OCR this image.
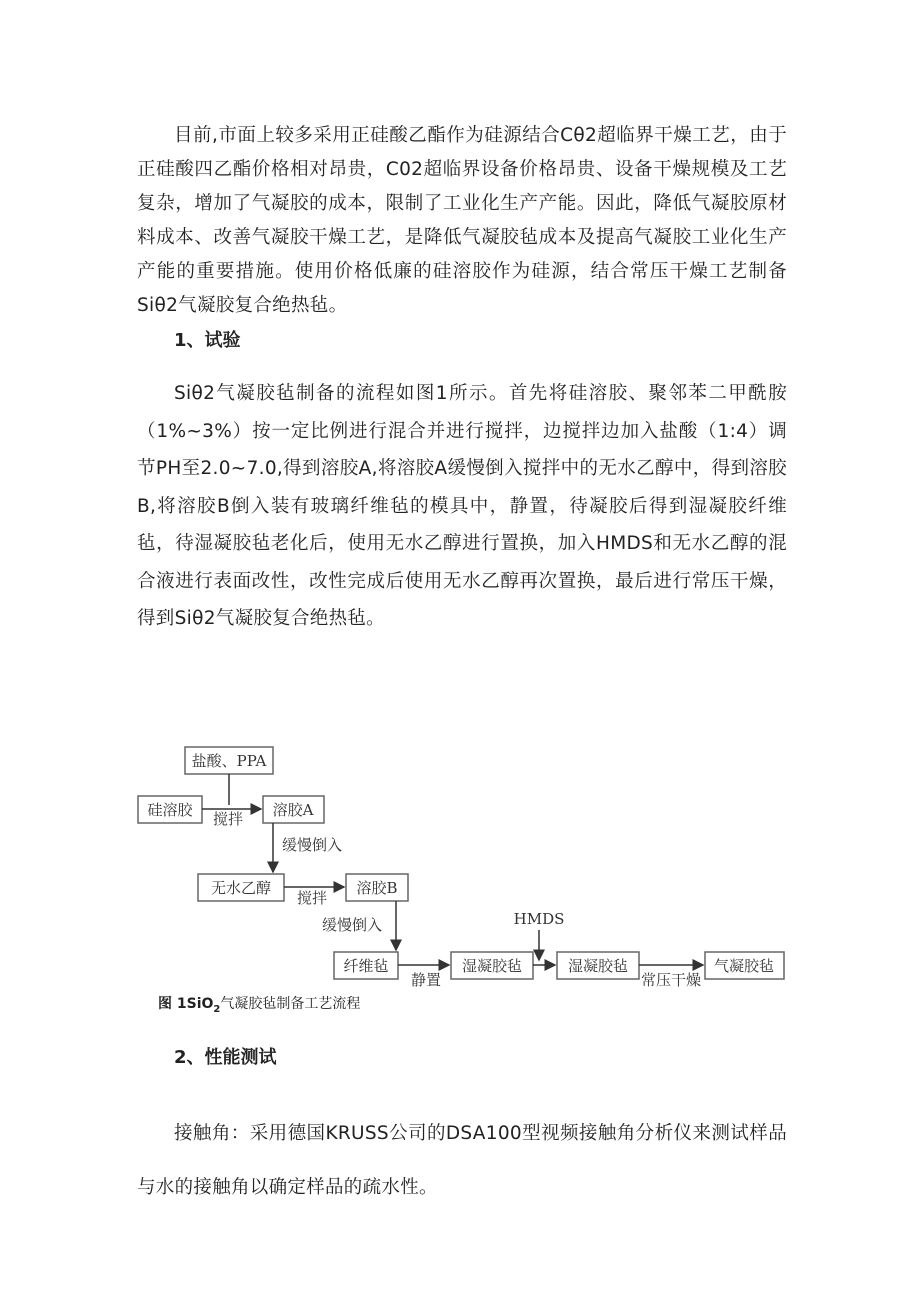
目前,市面上较多采用正硅酸乙酯作为硅源结合Cθ2超临界干燥工艺，由于正硅酸四乙酯价格相对昂贵，C02超临界设备价格昂贵、设备干燥规模及工艺复杂，增加了气凝胶的成本，限制了工业化生产产能。因此，降低气凝胶原材料成本、改善气凝胶干燥工艺，是降低气凝胶毡成本及提高气凝胶工业化生产产能的重要措施。使用价格低廉的硅溶胶作为硅源，结合常压干燥工艺制备Siθ2气凝胶复合绝热毡。

1、试验

Siθ2气凝胶毡制备的流程如图1所示。首先将硅溶胶、聚邻苯二甲酰胺（1%~3%）按一定比例进行混合并进行搅拌，边搅拌边加入盐酸（1:4）调节PH至2.0~7.0,得到溶胶A,将溶胶A缓慢倒入搅拌中的无水乙醇中，得到溶胶B,将溶胶B倒入装有玻璃纤维毡的模具中，静置，待凝胶后得到湿凝胶纤维毡，待湿凝胶毡老化后，使用无水乙醇进行置换，加入HMDS和无水乙醇的混合液进行表面改性，改性完成后使用无水乙醇再次置换，最后进行常压干燥，得到Siθ2气凝胶复合绝热毡。

盐酸、PPA
硅溶胶	溶胶A
无水乙醇	溶胶B
纤维毡	湿凝胶毡
HMDS
湿凝胶毡	气凝胶毡
搅拌
缓慢倒入
搅拌
缓慢倒入
静置	常压干燥
图 1SiO$_2$气凝胶毡制备工艺流程
2、性能测试

接触角：采用德国KRUSS公司的DSA100型视频接触角分析仪来测试样品与水的接触角以确定样品的疏水性。
